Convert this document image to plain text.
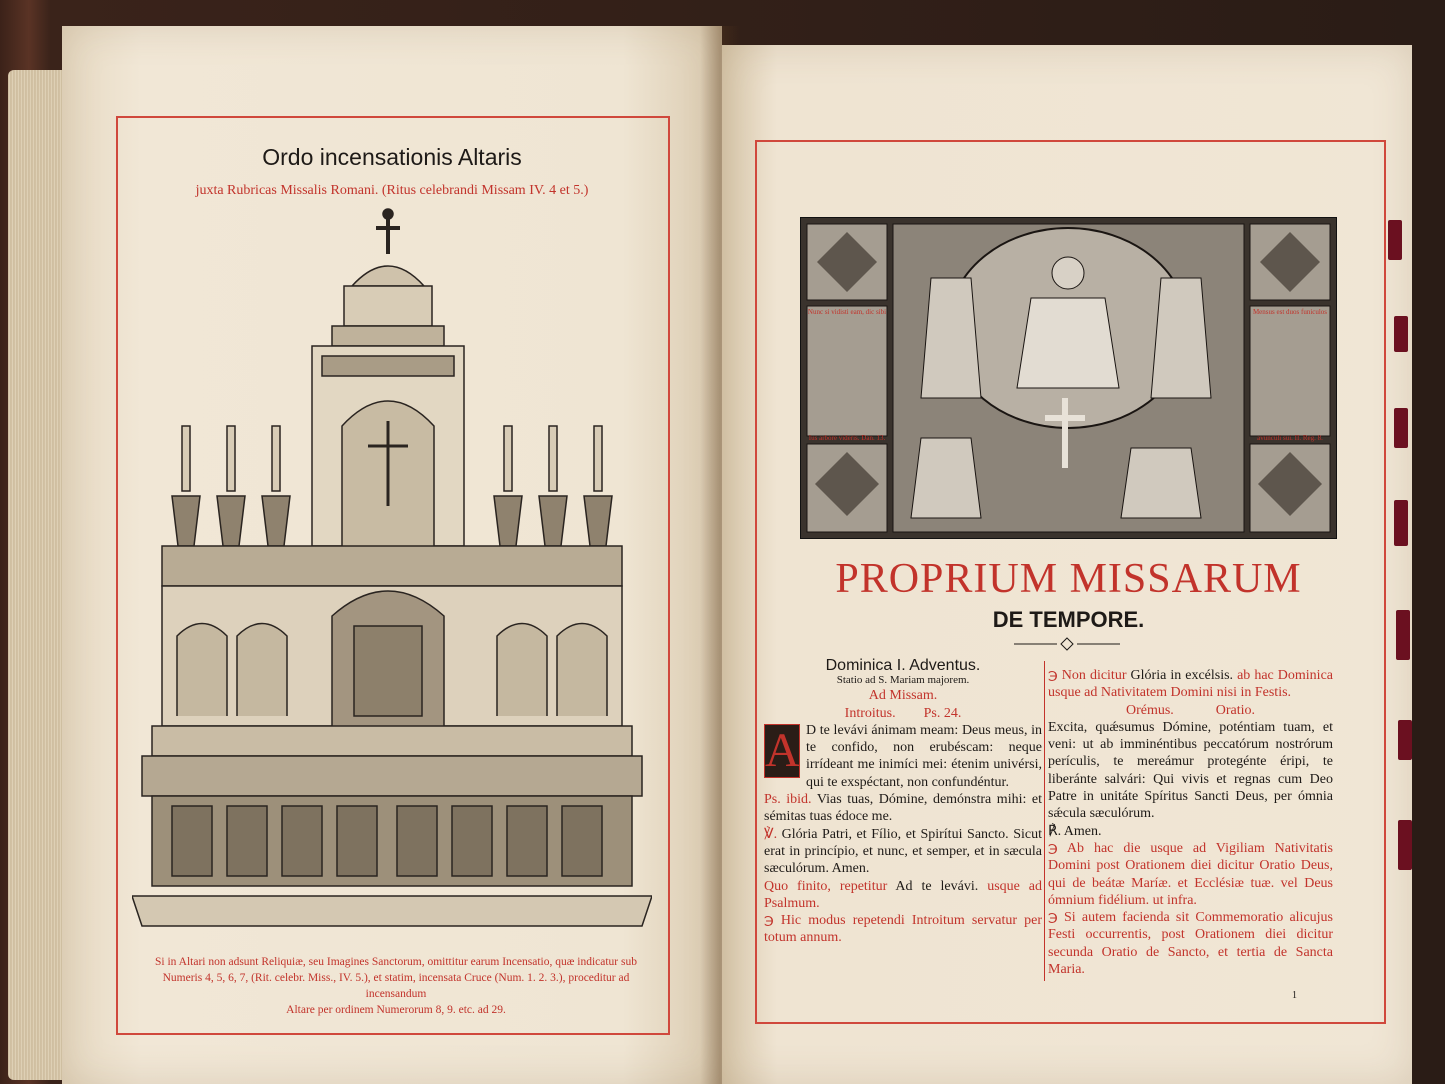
Ordo incensationis Altaris
juxta Rubricas Missalis Romani. (Ritus celebrandi Missam IV. 4 et 5.)
Si in Altari non adsunt Reliquiæ, seu Imagines Sanctorum, omittitur earum Incensatio, quæ indicatur sub
Numeris 4, 5, 6, 7, (Rit. celebr. Miss., IV. 5.), et statim, incensata Cruce (Num. 1. 2. 3.), proceditur ad incensandum
Altare per ordinem Numerorum 8, 9. etc. ad 29.
Nunc si vidisti eam, dic sibi
Ius arbore videris. Dan. 13.
Mensus est duos funiculos
avunculi sui. II. Reg. 8.
PROPRIUM MISSARUM
DE TEMPORE.

Dominica I. Adventus.

Statio ad S. Mariam majorem.

Ad Missam.

Introitus. Ps. 24.

A D te levávi ánimam meam: Deus meus, in te confido, non erubéscam: neque irrídeant me inimíci mei: étenim univérsi, qui te exspéctant, non confundéntur.

Ps. ibid. Vias tuas, Dómine, demónstra mihi: et sémitas tuas édoce me.

℣. Glória Patri, et Fílio, et Spirítui Sancto. Sicut erat in princípio, et nunc, et semper, et in sæcula sæculórum. Amen.

Quo finito, repetitur Ad te levávi. usque ad Psalmum.

℈ Hic modus repetendi Introitum servatur per totum annum.

℈ Non dicitur Glória in excélsis. ab hac Dominica usque ad Nativitatem Domini nisi in Festis.

Orémus.	Oratio.

Excita, quǽsumus Dómine, poténtiam tuam, et veni: ut ab imminéntibus peccatórum nostrórum perículis, te mereámur protegénte éripi, te liberánte salvári: Qui vivis et regnas cum Deo Patre in unitáte Spíritus Sancti Deus, per ómnia sǽcula sæculórum.

℟. Amen.

℈ Ab hac die usque ad Vigiliam Nativitatis Domini post Orationem diei dicitur Oratio Deus, qui de beátæ Maríæ. et Ecclésiæ tuæ. vel Deus ómnium fidélium. ut infra.

℈ Si autem facienda sit Commemoratio alicujus Festi occurrentis, post Orationem diei dicitur secunda Oratio de Sancto, et tertia de Sancta Maria.

1
